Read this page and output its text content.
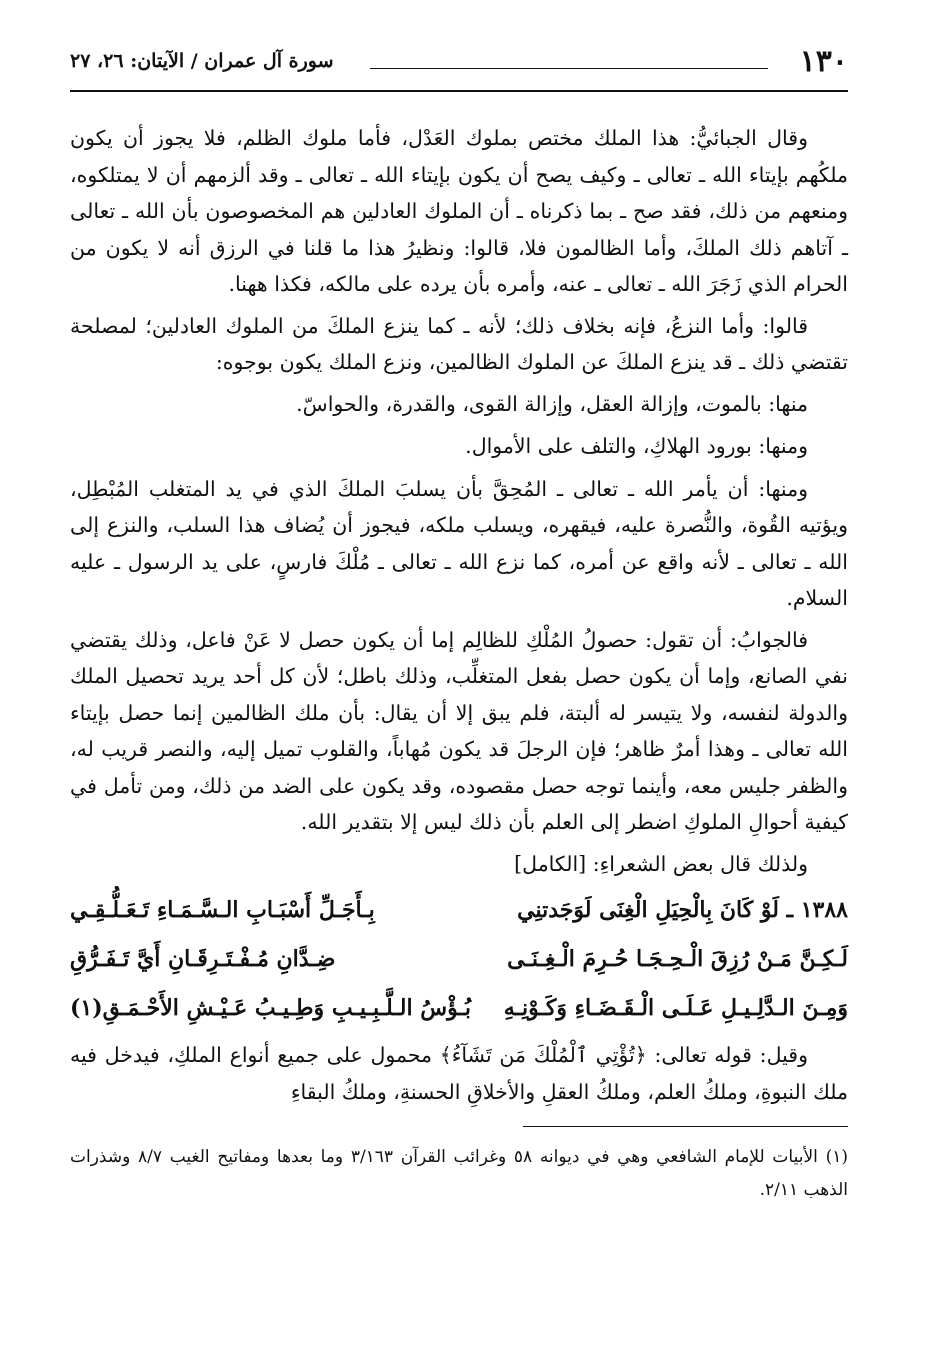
١٣٠
سورة آل عمران / الآيتان: ٢٦، ٢٧

وقال الجبائيُّ: هذا الملك مختص بملوك العَدْل، فأما ملوك الظلم، فلا يجوز أن يكون ملكُهم بإيتاء الله ـ تعالى ـ وكيف يصح أن يكون بإيتاء الله ـ تعالى ـ وقد ألزمهم أن لا يمتلكوه، ومنعهم من ذلك، فقد صح ـ بما ذكرناه ـ أن الملوك العادلين هم المخصوصون بأن الله ـ تعالى ـ آتاهم ذلك الملكَ، وأما الظالمون فلا، قالوا: ونظيرُ هذا ما قلنا في الرزق أنه لا يكون من الحرام الذي زَجَرَ الله ـ تعالى ـ عنه، وأمره بأن يرده على مالكه، فكذا ههنا.

قالوا: وأما النزعُ، فإنه بخلاف ذلك؛ لأنه ـ كما ينزع الملكَ من الملوك العادلين؛ لمصلحة تقتضي ذلك ـ قد ينزع الملكَ عن الملوك الظالمين، ونزع الملك يكون بوجوه:

منها: بالموت، وإزالة العقل، وإزالة القوى، والقدرة، والحواسّ.

ومنها: بورود الهلاكِ، والتلف على الأموال.

ومنها: أن يأمر الله ـ تعالى ـ المُحِقَّ بأن يسلبَ الملكَ الذي في يد المتغلب المُبْطِل، ويؤتيه القُوة، والنُّصرة عليه، فيقهره، ويسلب ملكه، فيجوز أن يُضاف هذا السلب، والنزع إلى الله ـ تعالى ـ لأنه واقع عن أمره، كما نزع الله ـ تعالى ـ مُلْكَ فارسٍ، على يد الرسول ـ عليه السلام.

فالجوابُ: أن تقول: حصولُ المُلْكِ للظالِم إما أن يكون حصل لا عَنْ فاعل، وذلك يقتضي نفي الصانع، وإما أن يكون حصل بفعل المتغلِّب، وذلك باطل؛ لأن كل أحد يريد تحصيل الملك والدولة لنفسه، ولا يتيسر له ألبتة، فلم يبق إلا أن يقال: بأن ملك الظالمين إنما حصل بإيتاء الله تعالى ـ وهذا أمرٌ ظاهر؛ فإن الرجلَ قد يكون مُهاباً، والقلوب تميل إليه، والنصر قريب له، والظفر جليس معه، وأينما توجه حصل مقصوده، وقد يكون على الضد من ذلك، ومن تأمل في كيفية أحوالِ الملوكِ اضطر إلى العلم بأن ذلك ليس إلا بتقدير الله.

ولذلك قال بعض الشعراءِ: [الكامل]

١٣٨٨ ـ لَوْ كَانَ بِالْحِيَلِ الْغِنَى لَوَجَدتنِي
بِـأَجَـلِّ أَسْبَـابِ الـسَّـمَـاءِ تَـعَـلُّـقِـي
لَـكِـنَّ مَـنْ رُزِقَ الْـحِـجَـا حُـرِمَ الْـغِـنَـى
ضِـدَّانِ مُـفْـتَـرِقَـانِ أَيَّ تَـفَـرُّقِ
وَمِـنَ الـدَّلِـيـلِ عَـلَـى الْـقَـضَـاءِ وَكَـوْنِـهِ
بُـؤْسُ الـلَّـبِـيـبِ وَطِـيـبُ عَـيْـشِ الأَحْـمَـقِ(١)

وقيل: قوله تعالى: ﴿تُؤْتِي ٱلْمُلْكَ مَن تَشَآءُ﴾ محمول على جميع أنواع الملكِ، فيدخل فيه ملك النبوةِ، وملكُ العلم، وملكُ العقلِ والأخلاقِ الحسنةِ، وملكُ البقاءِ

(١) الأبيات للإمام الشافعي وهي في ديوانه ٥٨ وغرائب القرآن ٣/١٦٣ وما بعدها ومفاتيح الغيب ٨/٧ وشذرات الذهب ٢/١١.
